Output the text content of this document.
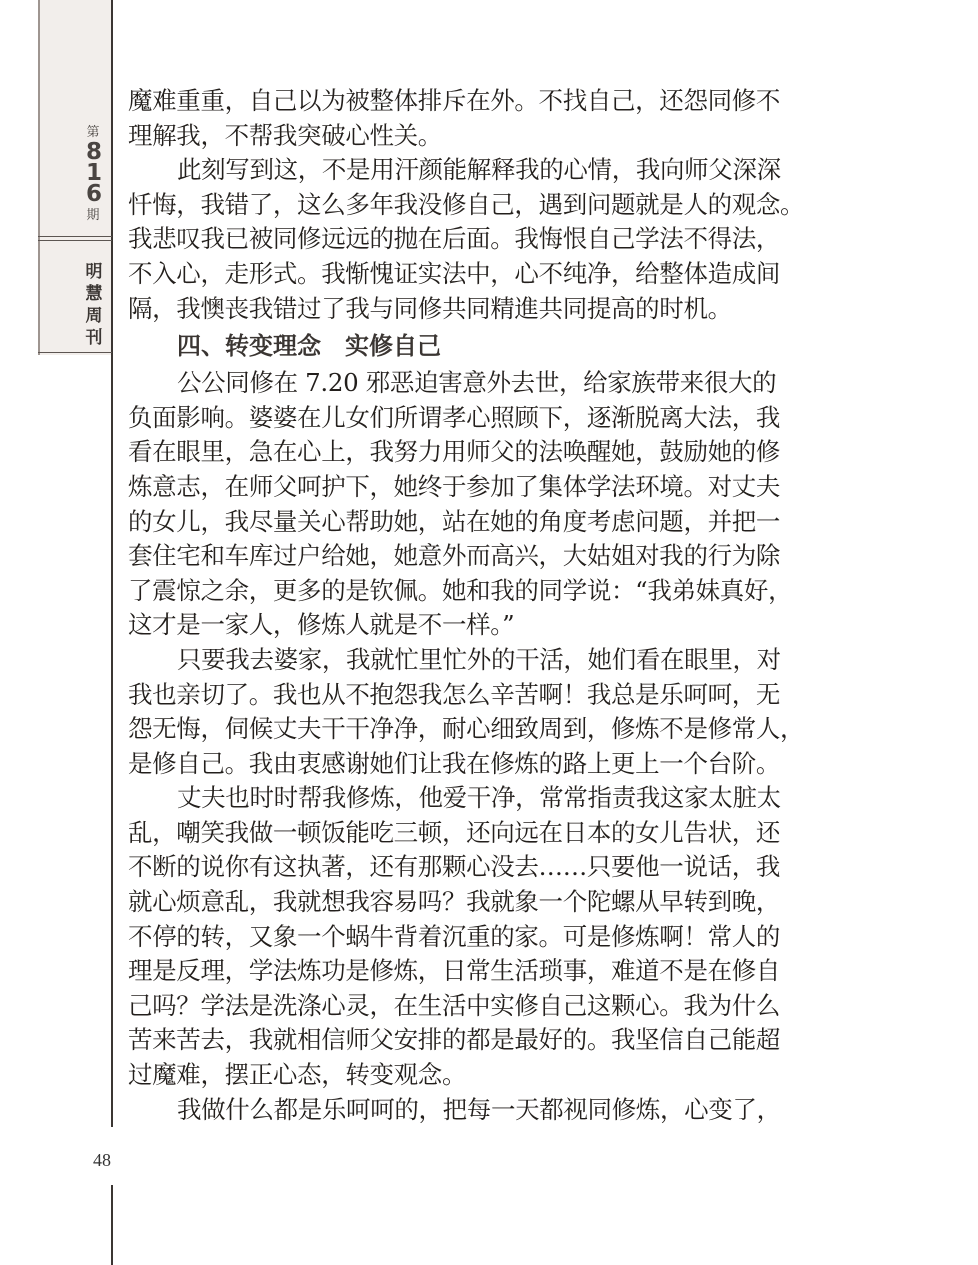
第
816
期
明
慧
周
刊
48
魔难重重，自己以为被整体排斥在外。不找自己，还怨同修不
理解我，不帮我突破心性关。
此刻写到这，不是用汗颜能解释我的心情，我向师父深深
忏悔，我错了，这么多年我没修自己，遇到问题就是人的观念。
我悲叹我已被同修远远的抛在后面。我悔恨自己学法不得法，
不入心，走形式。我惭愧证实法中，心不纯净，给整体造成间
隔，我懊丧我错过了我与同修共同精進共同提高的时机。
四、转变理念　实修自己
公公同修在 7.20 邪恶迫害意外去世，给家族带来很大的
负面影响。婆婆在儿女们所谓孝心照顾下，逐渐脱离大法，我
看在眼里，急在心上，我努力用师父的法唤醒她，鼓励她的修
炼意志，在师父呵护下，她终于参加了集体学法环境。对丈夫
的女儿，我尽量关心帮助她，站在她的角度考虑问题，并把一
套住宅和车库过户给她，她意外而高兴，大姑姐对我的行为除
了震惊之余，更多的是钦佩。她和我的同学说：“我弟妹真好，
这才是一家人，修炼人就是不一样。”
只要我去婆家，我就忙里忙外的干活，她们看在眼里，对
我也亲切了。我也从不抱怨我怎么辛苦啊！我总是乐呵呵，无
怨无悔，伺候丈夫干干净净，耐心细致周到，修炼不是修常人，
是修自己。我由衷感谢她们让我在修炼的路上更上一个台阶。
丈夫也时时帮我修炼，他爱干净，常常指责我这家太脏太
乱，嘲笑我做一顿饭能吃三顿，还向远在日本的女儿告状，还
不断的说你有这执著，还有那颗心没去……只要他一说话，我
就心烦意乱，我就想我容易吗？我就象一个陀螺从早转到晚，
不停的转，又象一个蜗牛背着沉重的家。可是修炼啊！常人的
理是反理，学法炼功是修炼，日常生活琐事，难道不是在修自
己吗？学法是洗涤心灵，在生活中实修自己这颗心。我为什么
苦来苦去，我就相信师父安排的都是最好的。我坚信自己能超
过魔难，摆正心态，转变观念。
我做什么都是乐呵呵的，把每一天都视同修炼，心变了，
